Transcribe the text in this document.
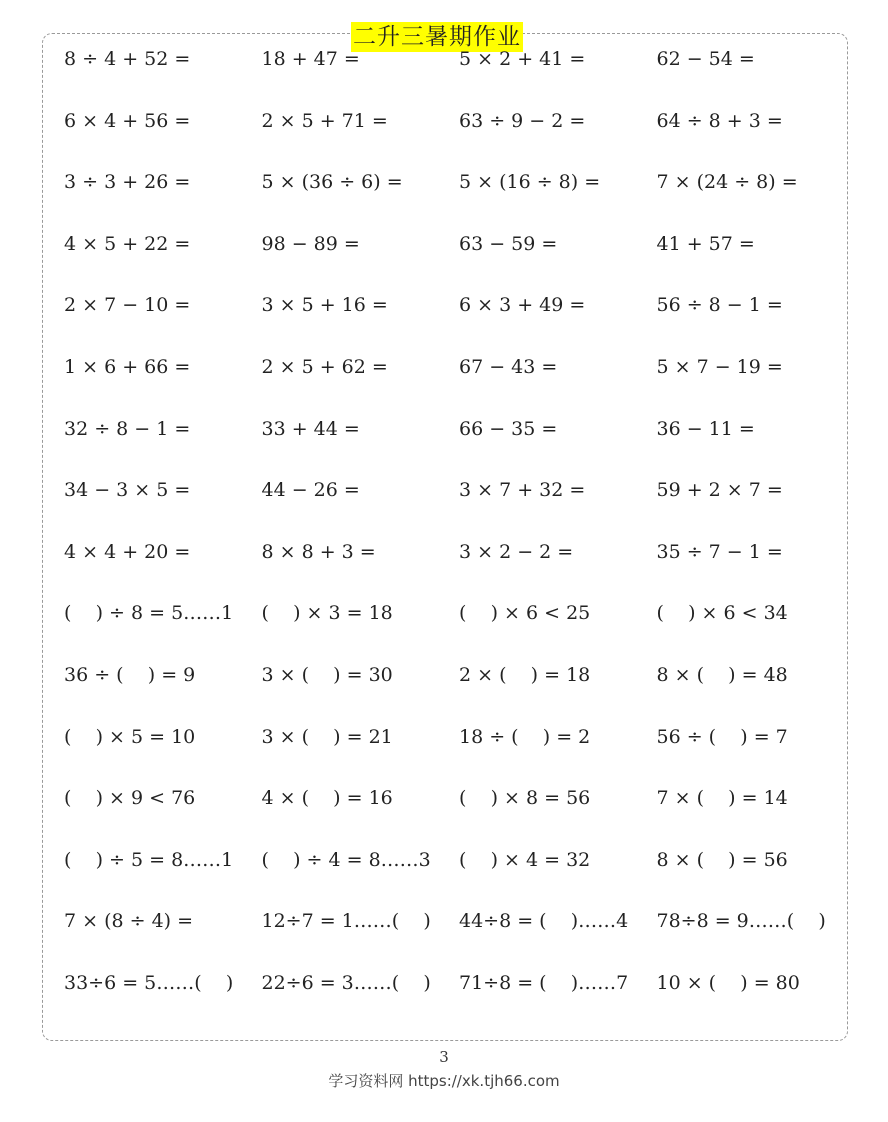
二升三暑期作业
8 ÷ 4 + 52 =	18 + 47 =	5 × 2 + 41 =	62 − 54 =
6 × 4 + 56 =	2 × 5 + 71 =	63 ÷ 9 − 2 =	64 ÷ 8 + 3 =
3 ÷ 3 + 26 =	5 × (36 ÷ 6) =	5 × (16 ÷ 8) =	7 × (24 ÷ 8) =
4 × 5 + 22 =	98 − 89 =	63 − 59 =	41 + 57 =
2 × 7 − 10 =	3 × 5 + 16 =	6 × 3 + 49 =	56 ÷ 8 − 1 =
1 × 6 + 66 =	2 × 5 + 62 =	67 − 43 =	5 × 7 − 19 =
32 ÷ 8 − 1 =	33 + 44 =	66 − 35 =	36 − 11 =
34 − 3 × 5 =	44 − 26 =	3 × 7 + 32 =	59 + 2 × 7 =
4 × 4 + 20 =	8 × 8 + 3 =	3 × 2 − 2 =	35 ÷ 7 − 1 =
(    ) ÷ 8 = 5……1	(    ) × 3 = 18	(    ) × 6 < 25	(    ) × 6 < 34
36 ÷ (    ) = 9	3 × (    ) = 30	2 × (    ) = 18	8 × (    ) = 48
(    ) × 5 = 10	3 × (    ) = 21	18 ÷ (    ) = 2	56 ÷ (    ) = 7
(    ) × 9 < 76	4 × (    ) = 16	(    ) × 8 = 56	7 × (    ) = 14
(    ) ÷ 5 = 8……1	(    ) ÷ 4 = 8……3	(    ) × 4 = 32	8 × (    ) = 56
7 × (8 ÷ 4) =	12÷7 = 1……(    )	44÷8 = (    )……4	78÷8 = 9……(    )
33÷6 = 5……(    )	22÷6 = 3……(    )	71÷8 = (    )……7	10 × (    ) = 80
3
学习资料网 https://xk.tjh66.com
